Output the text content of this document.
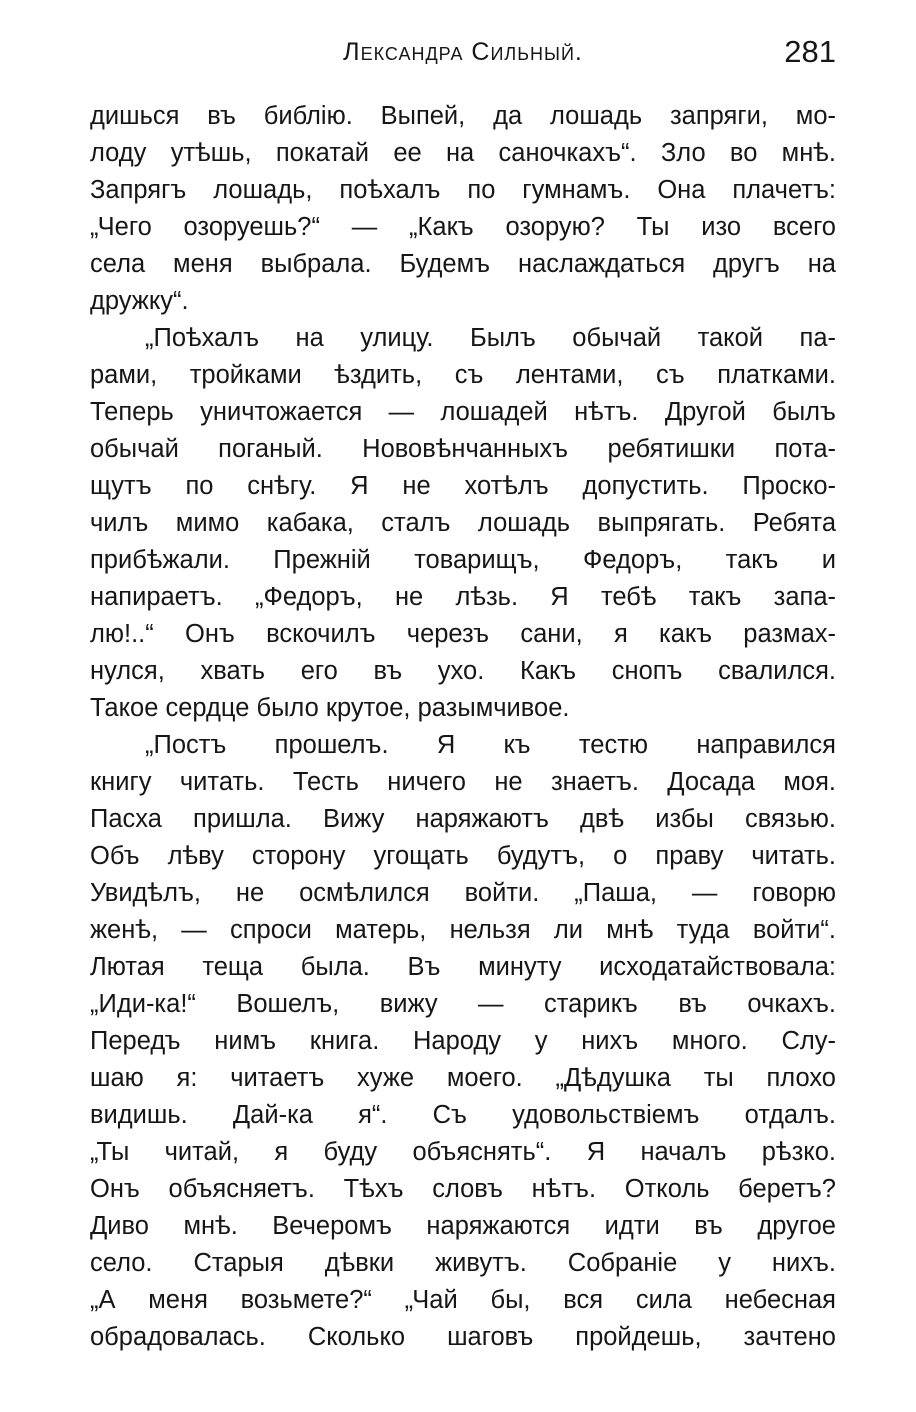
Лександра Сильный.	281
дишься въ библію. Выпей, да лошадь запряги, мо-
лоду утѣшь, покатай ее на саночкахъ“. Зло во мнѣ.
Запрягъ лошадь, поѣхалъ по гумнамъ. Она плачетъ:
„Чего озоруешь?“ — „Какъ озорую? Ты изо всего
села меня выбрала. Будемъ наслаждаться другъ на
дружку“.
„Поѣхалъ на улицу. Былъ обычай такой па-
рами, тройками ѣздить, съ лентами, съ платками.
Теперь уничтожается — лошадей нѣтъ. Другой былъ
обычай поганый. Нововѣнчанныхъ ребятишки пота-
щутъ по снѣгу. Я не хотѣлъ допустить. Проско-
чилъ мимо кабака, сталъ лошадь выпрягать. Ребята
прибѣжали. Прежній товарищъ, Федоръ, такъ и
напираетъ. „Федоръ, не лѣзь. Я тебѣ такъ запа-
лю!..“ Онъ вскочилъ черезъ сани, я какъ размах-
нулся, хвать его въ ухо. Какъ снопъ свалился.
Такое сердце было крутое, разымчивое.
„Постъ прошелъ. Я къ тестю направился
книгу читать. Тесть ничего не знаетъ. Досада моя.
Пасха пришла. Вижу наряжаютъ двѣ избы связью.
Объ лѣву сторону угощать будутъ, о праву читать.
Увидѣлъ, не осмѣлился войти. „Паша, — говорю
женѣ, — спроси матерь, нельзя ли мнѣ туда войти“.
Лютая теща была. Въ минуту исходатайствовала:
„Иди-ка!“ Вошелъ, вижу — старикъ въ очкахъ.
Передъ нимъ книга. Народу у нихъ много. Слу-
шаю я: читаетъ хуже моего. „Дѣдушка ты плохо
видишь. Дай-ка я“. Съ удовольствіемъ отдалъ.
„Ты читай, я буду объяснять“. Я началъ рѣзко.
Онъ объясняетъ. Тѣхъ словъ нѣтъ. Отколь беретъ?
Диво мнѣ. Вечеромъ наряжаются идти въ другое
село. Старыя дѣвки живутъ. Собраніе у нихъ.
„А меня возьмете?“ „Чай бы, вся сила небесная
обрадовалась. Сколько шаговъ пройдешь, зачтено
